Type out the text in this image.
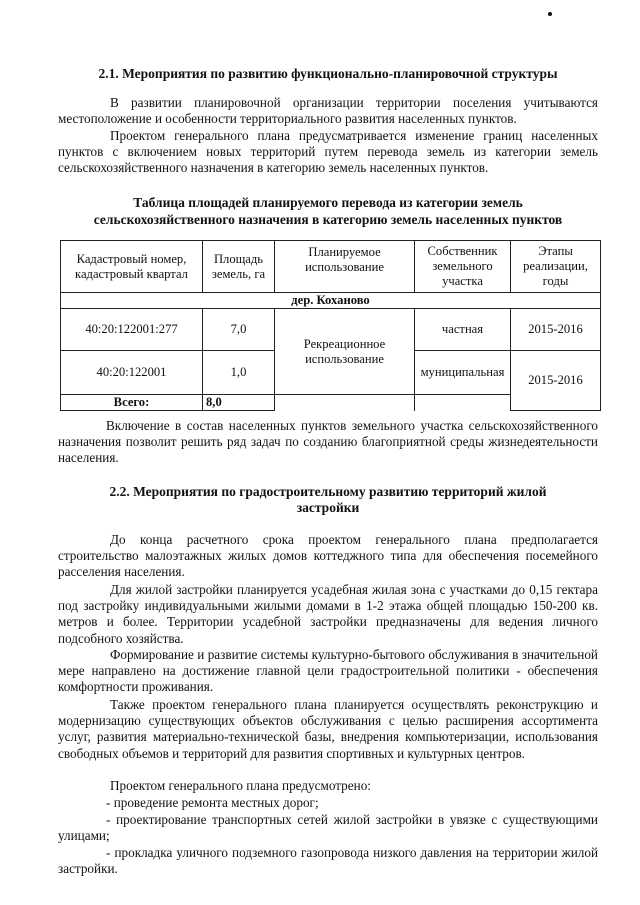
2.1. Мероприятия по развитию функционально-планировочной структуры

В развитии планировочной организации территории поселения учитываются местоположение и особенности территориального развития населенных пунктов.

Проектом генерального плана предусматривается изменение границ населенных пунктов с включением новых территорий путем перевода земель из категории земель сельскохозяйственного назначения в категорию земель населенных пунктов.

Таблица площадей планируемого перевода из категории земель
сельскохозяйственного назначения в категорию земель населенных пунктов
Кадастровый номер, кадастровый квартал	Площадь земель, га	Планируемое использование	Собственник земельного участка	Этапы реализации, годы
дер. Коханово				
40:20:122001:277	7,0	Рекреационное использование	частная	2015-2016
40:20:122001	1,0		муниципальная	2015-2016
Всего:	8,0			

Включение в состав населенных пунктов земельного участка сельскохозяйственного назначения позволит решить ряд задач по созданию благоприятной среды жизнедеятельности населения.

2.2. Мероприятия по градостроительному развитию территорий жилой
застройки

До конца расчетного срока проектом генерального плана предполагается строительство малоэтажных жилых домов коттеджного типа для обеспечения посемейного расселения населения.

Для жилой застройки планируется усадебная жилая зона с участками до 0,15 гектара под застройку индивидуальными жилыми домами в 1-2 этажа общей площадью 150-200 кв. метров и более. Территории усадебной застройки предназначены для ведения личного подсобного хозяйства.

Формирование и развитие системы культурно-бытового обслуживания в значительной мере направлено на достижение главной цели градостроительной политики - обеспечения комфортности проживания.

Также проектом генерального плана планируется осуществлять реконструкцию и модернизацию существующих объектов обслуживания с целью расширения ассортимента услуг, развития материально-технической базы, внедрения компьютеризации, использования свободных объемов и территорий для развития спортивных и культурных центров.

Проектом генерального плана предусмотрено:

- проведение ремонта местных дорог;

- проектирование транспортных сетей жилой застройки в увязке с существующими улицами;

- прокладка уличного подземного газопровода низкого давления на территории жилой застройки.
